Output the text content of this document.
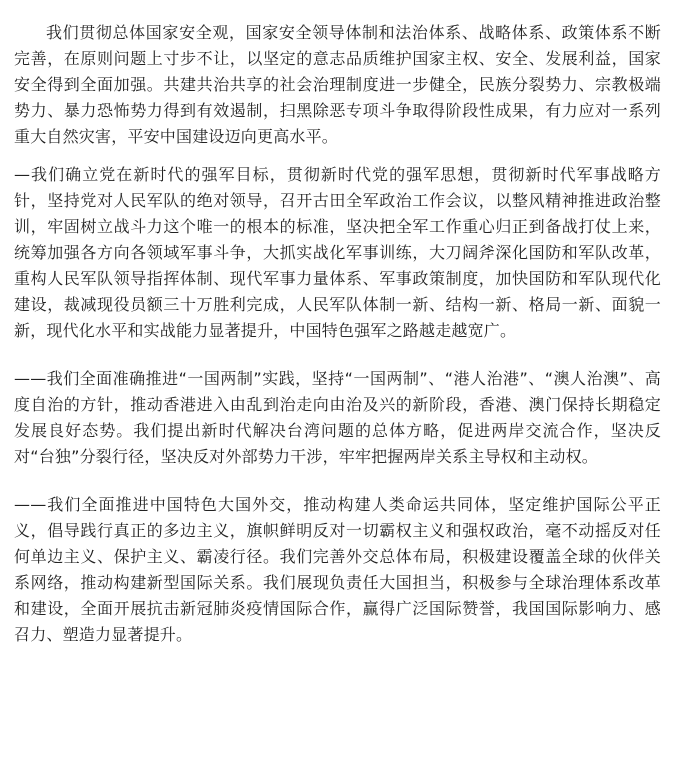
我们贯彻总体国家安全观，国家安全领导体制和法治体系、战略体系、政策体系不断完善，在原则问题上寸步不让，以坚定的意志品质维护国家主权、安全、发展利益，国家安全得到全面加强。共建共治共享的社会治理制度进一步健全，民族分裂势力、宗教极端势力、暴力恐怖势力得到有效遏制，扫黑除恶专项斗争取得阶段性成果，有力应对一系列重大自然灾害，平安中国建设迈向更高水平。

—我们确立党在新时代的强军目标，贯彻新时代党的强军思想，贯彻新时代军事战略方针，坚持党对人民军队的绝对领导，召开古田全军政治工作会议，以整风精神推进政治整训，牢固树立战斗力这个唯一的根本的标准，坚决把全军工作重心归正到备战打仗上来，统筹加强各方向各领域军事斗争，大抓实战化军事训练，大刀阔斧深化国防和军队改革，重构人民军队领导指挥体制、现代军事力量体系、军事政策制度，加快国防和军队现代化建设，裁减现役员额三十万胜利完成，人民军队体制一新、结构一新、格局一新、面貌一新，现代化水平和实战能力显著提升，中国特色强军之路越走越宽广。

——我们全面准确推进“一国两制”实践，坚持“一国两制”、“港人治港”、“澳人治澳”、高度自治的方针，推动香港进入由乱到治走向由治及兴的新阶段，香港、澳门保持长期稳定发展良好态势。我们提出新时代解决台湾问题的总体方略，促进两岸交流合作，坚决反对“台独”分裂行径，坚决反对外部势力干涉，牢牢把握两岸关系主导权和主动权。

——我们全面推进中国特色大国外交，推动构建人类命运共同体，坚定维护国际公平正义，倡导践行真正的多边主义，旗帜鲜明反对一切霸权主义和强权政治，毫不动摇反对任何单边主义、保护主义、霸凌行径。我们完善外交总体布局，积极建设覆盖全球的伙伴关系网络，推动构建新型国际关系。我们展现负责任大国担当，积极参与全球治理体系改革和建设，全面开展抗击新冠肺炎疫情国际合作，赢得广泛国际赞誉，我国国际影响力、感召力、塑造力显著提升。
